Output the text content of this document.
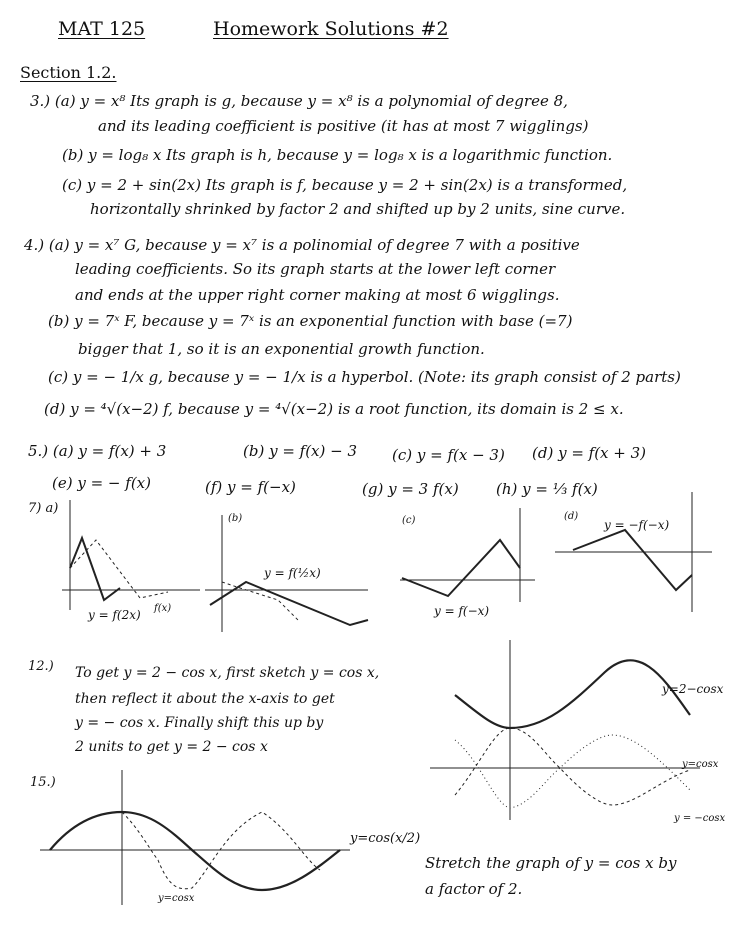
MAT 125	Homework Solutions #2
Section 1.2.
3.) (a) y = x⁸ Its graph is g, because y = x⁸ is a polynomial of degree 8,
and its leading coefficient is positive (it has at most 7 wigglings)
(b) y = log₈ x Its graph is h, because y = log₈ x is a logarithmic function.
(c) y = 2 + sin(2x) Its graph is f, because y = 2 + sin(2x) is a transformed,
horizontally shrinked by factor 2 and shifted up by 2 units, sine curve.
4.) (a) y = x⁷ G, because y = x⁷ is a polinomial of degree 7 with a positive
leading coefficients. So its graph starts at the lower left corner
and ends at the upper right corner making at most 6 wigglings.
(b) y = 7ˣ F, because y = 7ˣ is an exponential function with base (=7)
bigger that 1, so it is an exponential growth function.
(c) y = − 1/x g, because y = − 1/x is a hyperbol. (Note: its graph consist of 2 parts)
(d) y = ⁴√(x−2) f, because y = ⁴√(x−2) is a root function, its domain is 2 ≤ x.
5.) (a) y = f(x) + 3	(b) y = f(x) − 3 (c) y = f(x − 3) (d) y = f(x + 3)
(e) y = − f(x)	(f) y = f(−x)	(g) y = 3 f(x) (h) y = ⅓ f(x)
7) a)
y = f(2x) f(x)
(b)
y = f(½x)
(c)
y = f(−x)
(d)
y = −f(−x)
12.) To get y = 2 − cos x, first sketch y = cos x,
then reflect it about the x-axis to get
y = − cos x. Finally shift this up by
2 units to get y = 2 − cos x
y=2−cosx
y=cosx
y = −cosx
15.)
y=cos(x/2)
y=cosx
Stretch the graph of y = cos x by
a factor of 2.
